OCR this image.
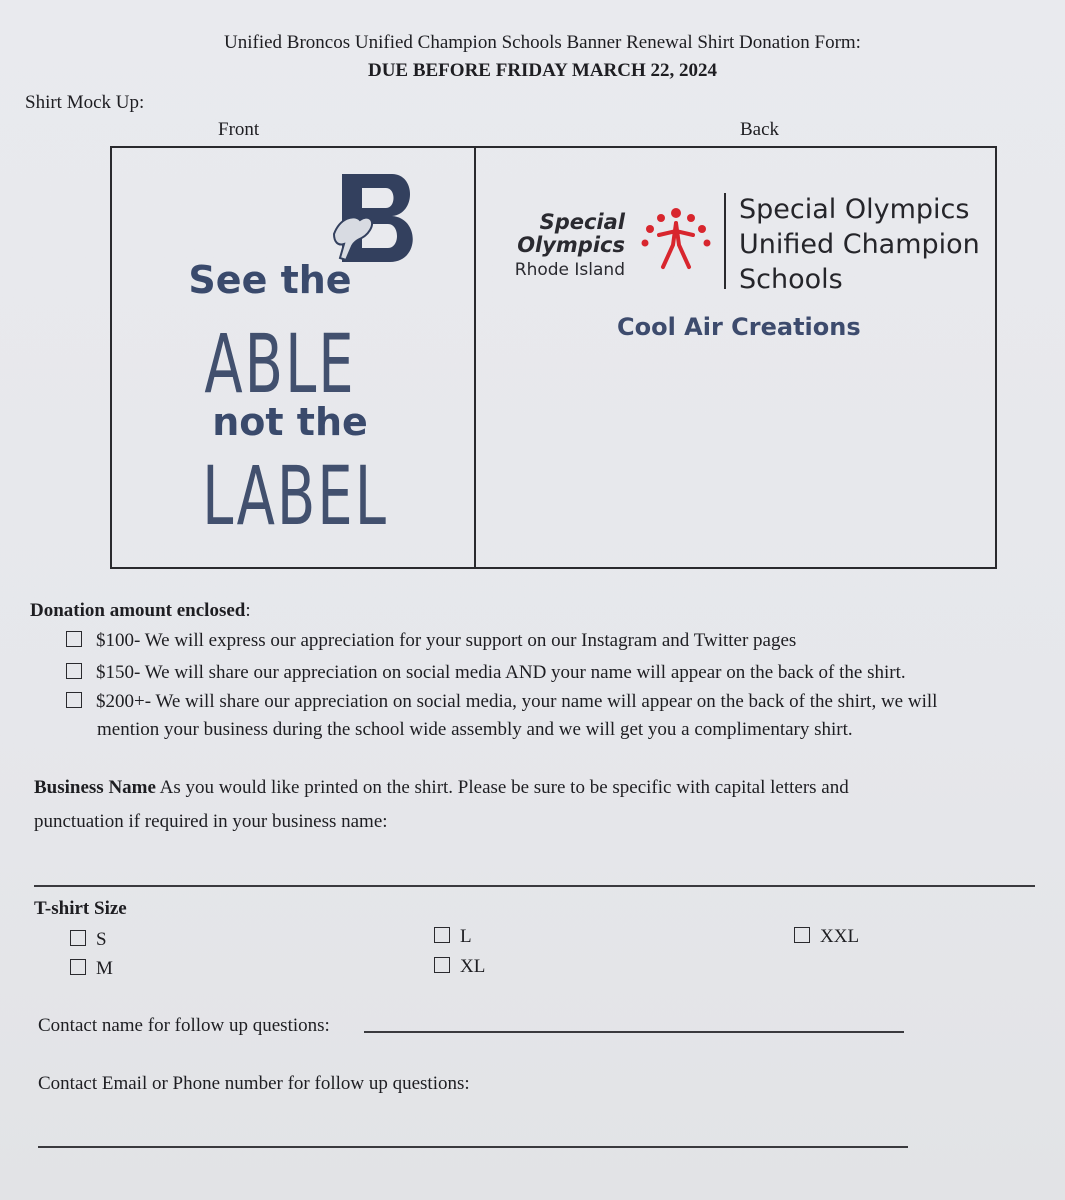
Unified Broncos Unified Champion Schools Banner Renewal Shirt Donation Form:
DUE BEFORE FRIDAY MARCH 22, 2024
Shirt Mock Up:
Front	Back
See the
ABLE
not the
LABEL
Special
Olympics
Rhode Island
Special Olympics
Unified Champion
Schools
Cool Air Creations
Donation amount enclosed:
$100- We will express our appreciation for your support on our Instagram and Twitter pages
$150- We will share our appreciation on social media AND your name will appear on the back of the shirt.
$200+- We will share our appreciation on social media, your name will appear on the back of the shirt, we will
mention your business during the school wide assembly and we will get you a complimentary shirt.
Business Name As you would like printed on the shirt. Please be sure to be specific with capital letters and
punctuation if required in your business name:
T-shirt Size
S
M
L
XL
XXL
Contact name for follow up questions:
Contact Email or Phone number for follow up questions:
